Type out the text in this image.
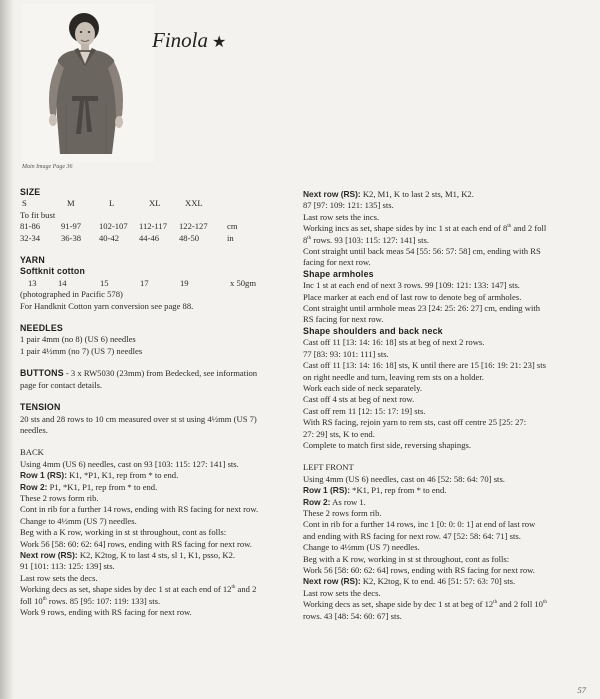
Main Image Page 36
Finola ★

SIZE

S	M	L	XL	XXL

To fit bust

81-86	91-97	102-107	112-117	122-127	cm
32-34	36-38	40-42	44-46	48-50	in

YARN

Softknit cotton

13	14	15	17	19	x 50gm

(photographed in Pacific 578)

For Handknit Cotton yarn conversion see page 88.

NEEDLES

1 pair 4mm (no 8) (US 6) needles

1 pair 4½mm (no 7) (US 7) needles

BUTTONS - 3 x RW5030 (23mm) from Bedecked, see information

page for contact details.

TENSION

20 sts and 28 rows to 10 cm measured over st st using 4½mm (US 7)

needles.

BACK

Using 4mm (US 6) needles, cast on 93 [103: 115: 127: 141] sts.

Row 1 (RS): K1, *P1, K1, rep from * to end.

Row 2: P1, *K1, P1, rep from * to end.

These 2 rows form rib.

Cont in rib for a further 14 rows, ending with RS facing for next row.

Change to 4½mm (US 7) needles.

Beg with a K row, working in st st throughout, cont as folls:

Work 56 [58: 60: 62: 64] rows, ending with RS facing for next row.

Next row (RS): K2, K2tog, K to last 4 sts, sl 1, K1, psso, K2.

91 [101: 113: 125: 139] sts.

Last row sets the decs.

Working decs as set, shape sides by dec 1 st at each end of 12th and 2

foll 10th rows. 85 [95: 107: 119: 133] sts.

Work 9 rows, ending with RS facing for next row.

Next row (RS): K2, M1, K to last 2 sts, M1, K2.

87 [97: 109: 121: 135] sts.

Last row sets the incs.

Working incs as set, shape sides by inc 1 st at each end of 8th and 2 foll

8th rows. 93 [103: 115: 127: 141] sts.

Cont straight until back meas 54 [55: 56: 57: 58] cm, ending with RS

facing for next row.

Shape armholes

Inc 1 st at each end of next 3 rows. 99 [109: 121: 133: 147] sts.

Place marker at each end of last row to denote beg of armholes.

Cont straight until armhole meas 23 [24: 25: 26: 27] cm, ending with

RS facing for next row.

Shape shoulders and back neck

Cast off 11 [13: 14: 16: 18] sts at beg of next 2 rows.

77 [83: 93: 101: 111] sts.

Cast off 11 [13: 14: 16: 18] sts, K until there are 15 [16: 19: 21: 23] sts

on right needle and turn, leaving rem sts on a holder.

Work each side of neck separately.

Cast off 4 sts at beg of next row.

Cast off rem 11 [12: 15: 17: 19] sts.

With RS facing, rejoin yarn to rem sts, cast off centre 25 [25: 27:

27: 29] sts, K to end.

Complete to match first side, reversing shapings.

LEFT FRONT

Using 4mm (US 6) needles, cast on 46 [52: 58: 64: 70] sts.

Row 1 (RS): *K1, P1, rep from * to end.

Row 2: As row 1.

These 2 rows form rib.

Cont in rib for a further 14 rows, inc 1 [0: 0: 0: 1] at end of last row

and ending with RS facing for next row. 47 [52: 58: 64: 71] sts.

Change to 4½mm (US 7) needles.

Beg with a K row, working in st st throughout, cont as folls:

Work 56 [58: 60: 62: 64] rows, ending with RS facing for next row.

Next row (RS): K2, K2tog, K to end. 46 [51: 57: 63: 70] sts.

Last row sets the decs.

Working decs as set, shape side by dec 1 st at beg of 12th and 2 foll 10th

rows. 43 [48: 54: 60: 67] sts.

57
